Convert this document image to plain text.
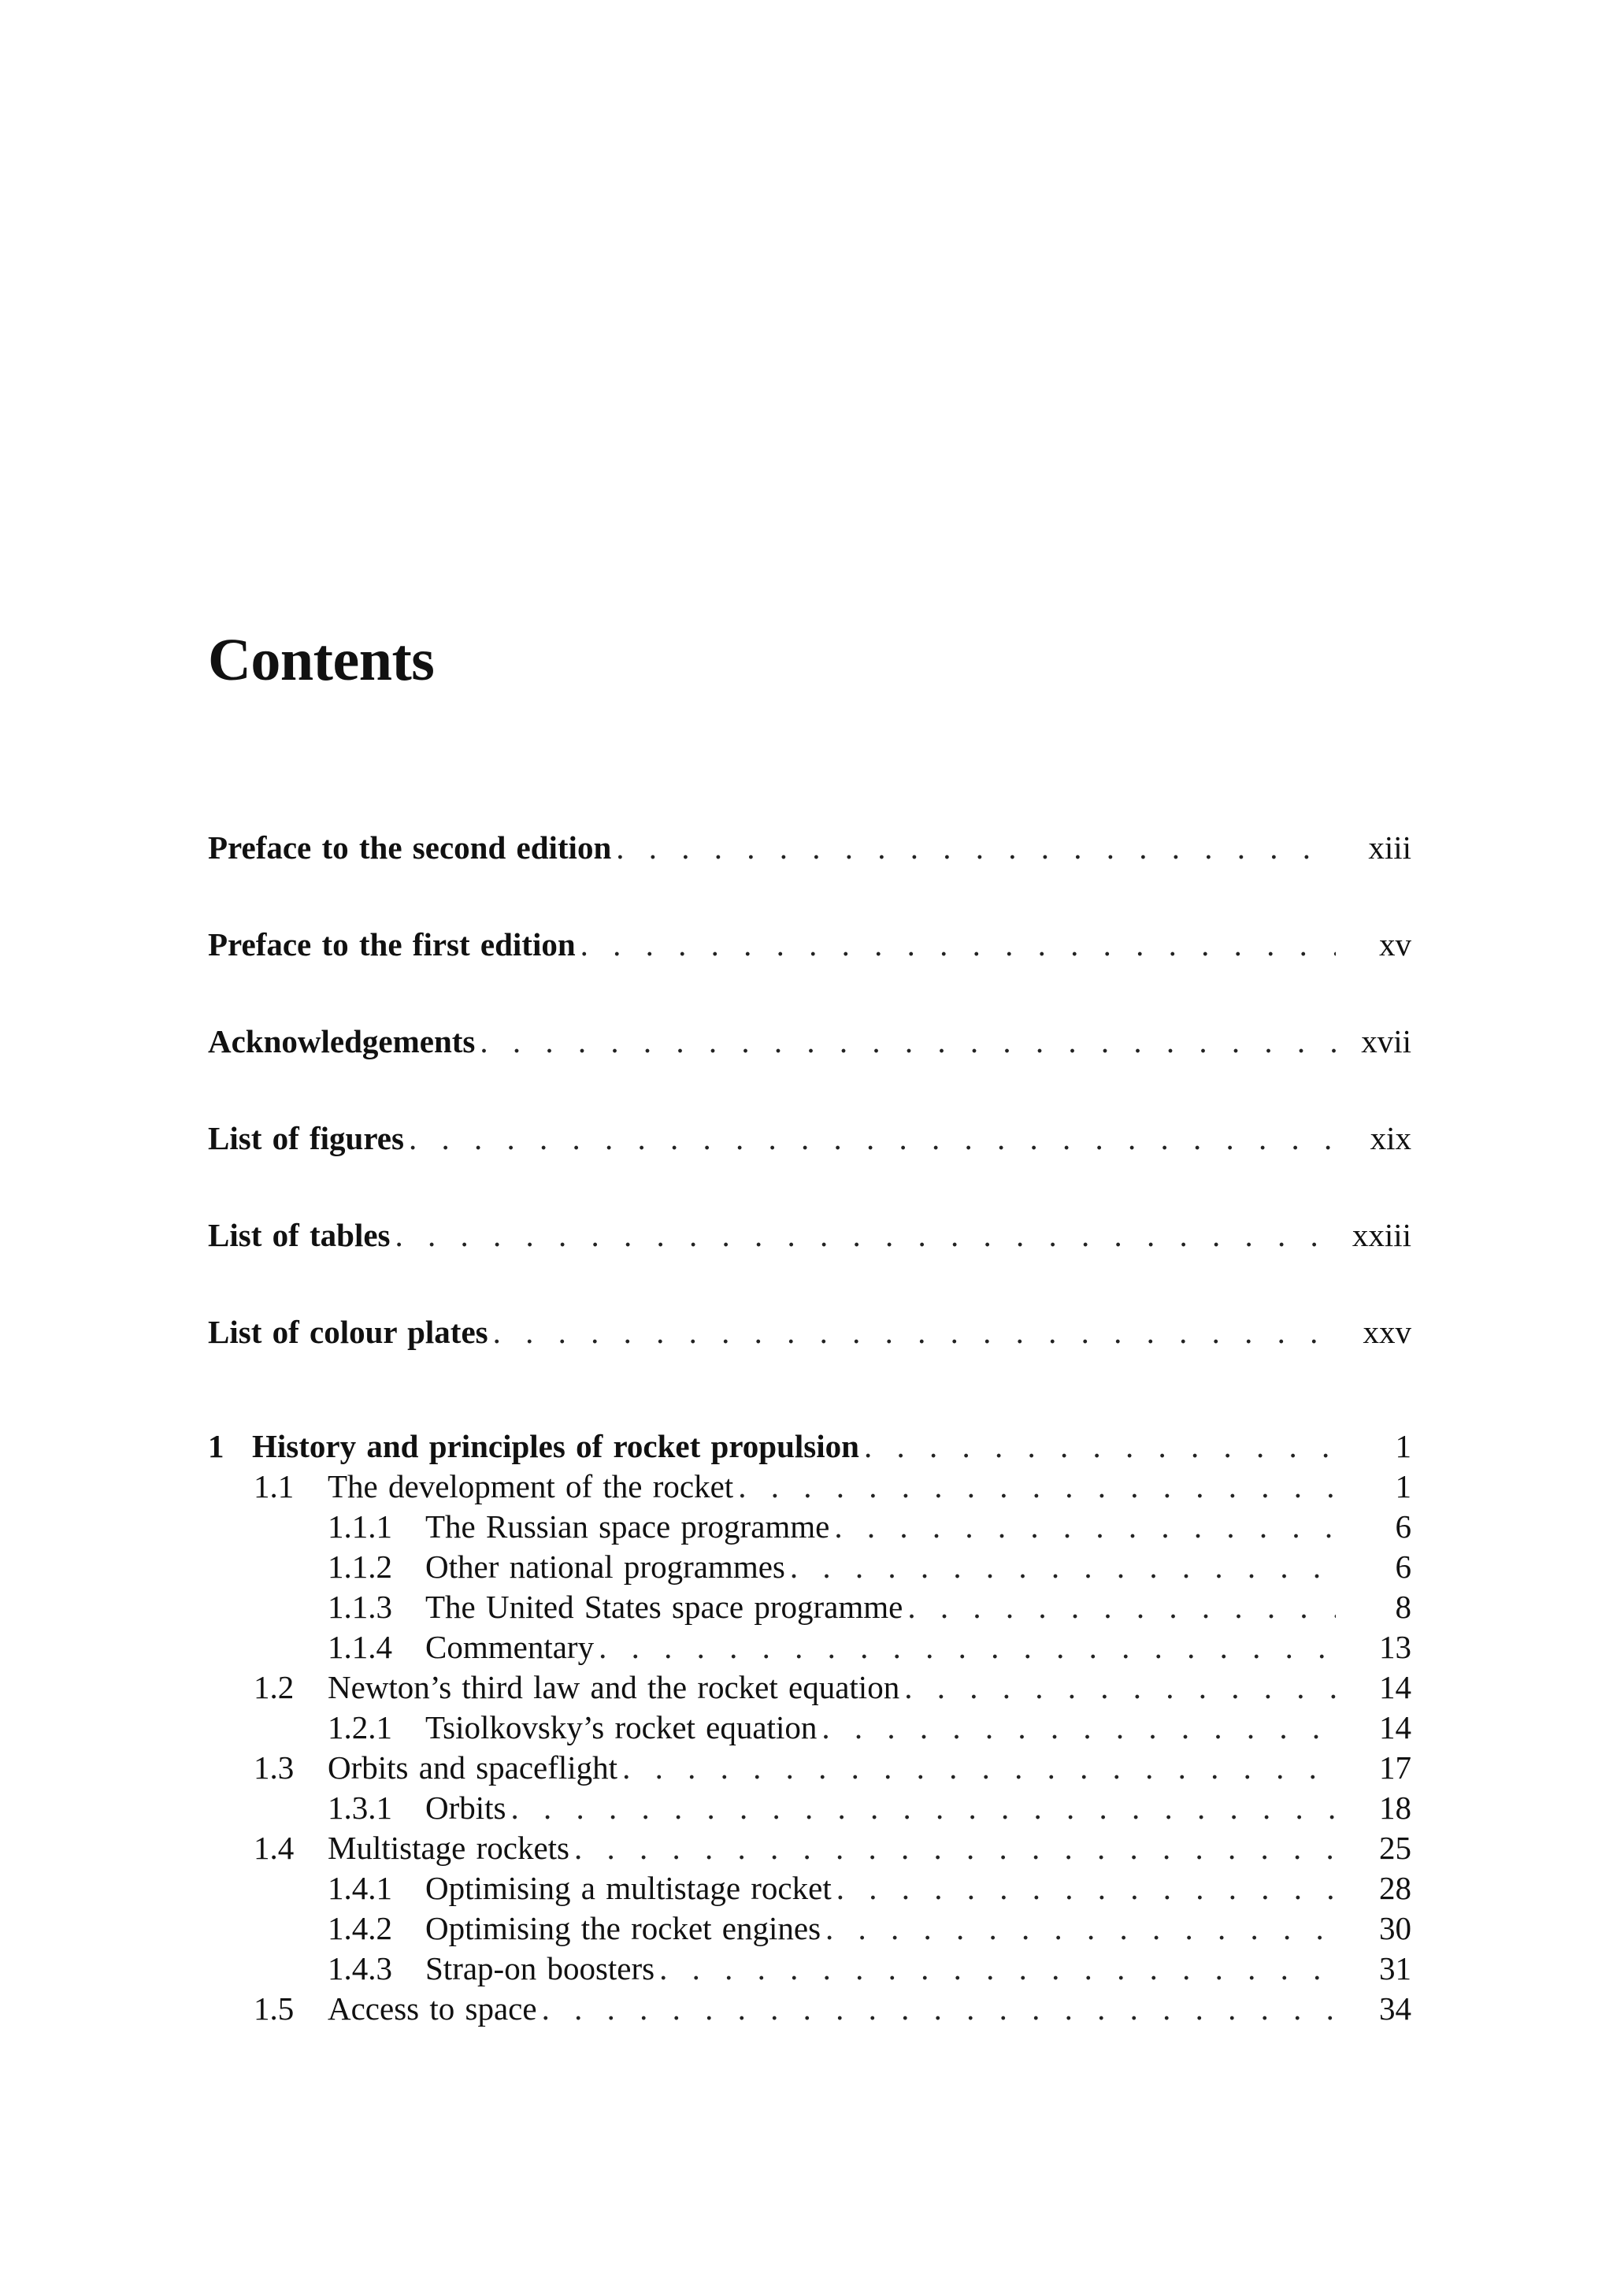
Contents
Preface to the second edition . . .	xiii
Preface to the first edition . . .	xv
Acknowledgements . . .	xvii
List of figures . . .	xix
List of tables . . .	xxiii
List of colour plates . . .	xxv
1 History and principles of rocket propulsion . . .	1
1.1	The development of the rocket . . .	1
1.1.1	The Russian space programme . . .	6
1.1.2	Other national programmes . . .	6
1.1.3	The United States space programme . . .	8
1.1.4	Commentary . . .	13
1.2	Newton’s third law and the rocket equation . . .	14
1.2.1	Tsiolkovsky’s rocket equation . . .	14
1.3	Orbits and spaceflight . . .	17
1.3.1	Orbits . . .	18
1.4	Multistage rockets . . .	25
1.4.1	Optimising a multistage rocket . . .	28
1.4.2	Optimising the rocket engines . . .	30
1.4.3	Strap-on boosters . . .	31
1.5	Access to space . . .	34
